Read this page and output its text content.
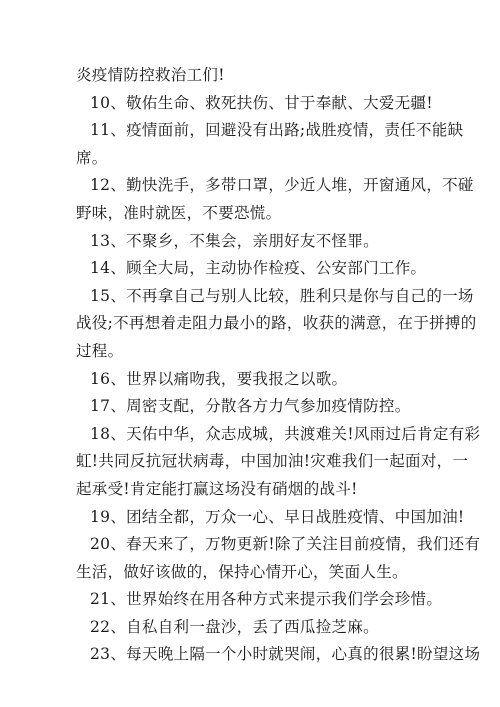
炎疫情防控救治工们!
10、敬佑生命、救死扶伤、甘于奉献、大爱无疆!
11、疫情面前，回避没有出路;战胜疫情，责任不能缺
席。
12、勤快洗手，多带口罩，少近人堆，开窗通风，不碰
野味，准时就医，不要恐慌。
13、不聚乡，不集会，亲朋好友不怪罪。
14、顾全大局，主动协作检疫、公安部门工作。
15、不再拿自己与别人比较，胜利只是你与自己的一场
战役;不再想着走阻力最小的路，收获的满意，在于拼搏的
过程。
16、世界以痛吻我，要我报之以歌。
17、周密支配，分散各方力气参加疫情防控。
18、天佑中华，众志成城，共渡难关!风雨过后肯定有彩
虹!共同反抗冠状病毒，中国加油!灾难我们一起面对，一
起承受!肯定能打赢这场没有硝烟的战斗!
19、团结全都，万众一心、早日战胜疫情、中国加油!
20、春天来了，万物更新!除了关注目前疫情，我们还有
生活，做好该做的，保持心情开心，笑面人生。
21、世界始终在用各种方式来提示我们学会珍惜。
22、自私自利一盘沙，丢了西瓜捡芝麻。
23、每天晚上隔一个小时就哭闹，心真的很累!盼望这场
